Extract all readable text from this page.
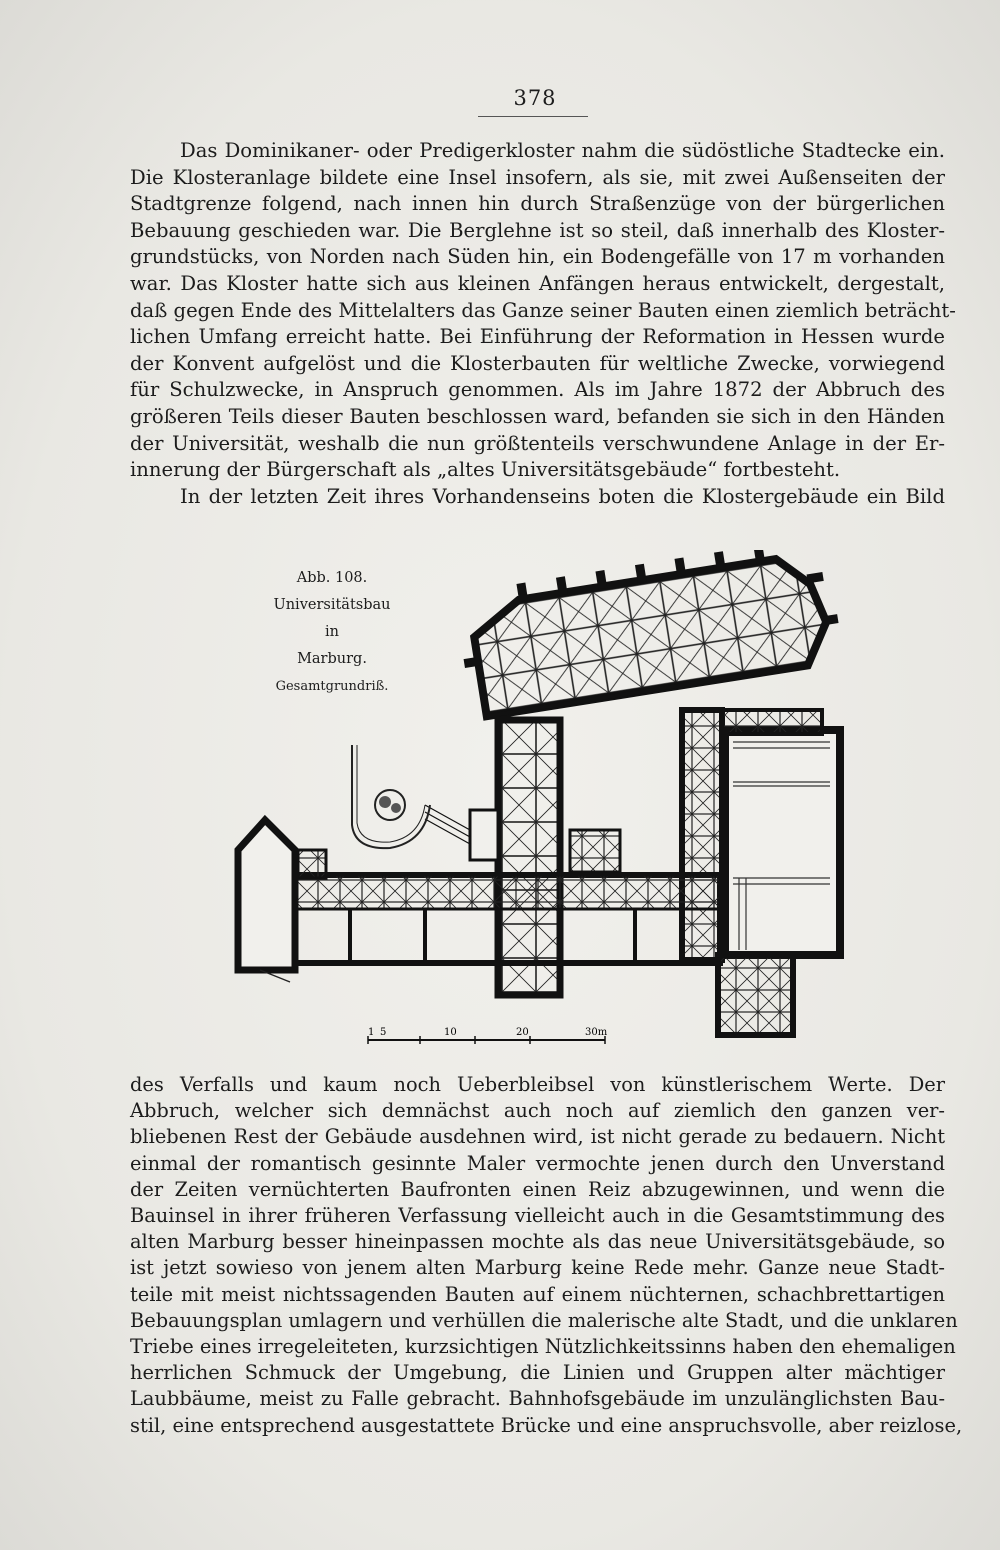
378
Das Dominikaner- oder Predigerkloster nahm die südöstliche Stadtecke ein.
Die Klosteranlage bildete eine Insel insofern, als sie, mit zwei Außenseiten der
Stadtgrenze folgend, nach innen hin durch Straßenzüge von der bürgerlichen
Bebauung geschieden war. Die Berglehne ist so steil, daß innerhalb des Kloster-
grundstücks, von Norden nach Süden hin, ein Bodengefälle von 17 m vorhanden
war. Das Kloster hatte sich aus kleinen Anfängen heraus entwickelt, dergestalt,
daß gegen Ende des Mittelalters das Ganze seiner Bauten einen ziemlich beträcht-
lichen Umfang erreicht hatte. Bei Einführung der Reformation in Hessen wurde
der Konvent aufgelöst und die Klosterbauten für weltliche Zwecke, vorwiegend
für Schulzwecke, in Anspruch genommen. Als im Jahre 1872 der Abbruch des
größeren Teils dieser Bauten beschlossen ward, befanden sie sich in den Händen
der Universität, weshalb die nun größtenteils verschwundene Anlage in der Er-
innerung der Bürgerschaft als „altes Universitätsgebäude“ fortbesteht.
In der letzten Zeit ihres Vorhandenseins boten die Klostergebäude ein Bild
Abb. 108.
Universitätsbau
in
Marburg.
Gesamtgrundriß.
1 5	10	20	30m
des Verfalls und kaum noch Ueberbleibsel von künstlerischem Werte. Der
Abbruch, welcher sich demnächst auch noch auf ziemlich den ganzen ver-
bliebenen Rest der Gebäude ausdehnen wird, ist nicht gerade zu bedauern. Nicht
einmal der romantisch gesinnte Maler vermochte jenen durch den Unverstand
der Zeiten vernüchterten Baufronten einen Reiz abzugewinnen, und wenn die
Bauinsel in ihrer früheren Verfassung vielleicht auch in die Gesamtstimmung des
alten Marburg besser hineinpassen mochte als das neue Universitätsgebäude, so
ist jetzt sowieso von jenem alten Marburg keine Rede mehr. Ganze neue Stadt-
teile mit meist nichtssagenden Bauten auf einem nüchternen, schachbrettartigen
Bebauungsplan umlagern und verhüllen die malerische alte Stadt, und die unklaren
Triebe eines irregeleiteten, kurzsichtigen Nützlichkeitssinns haben den ehemaligen
herrlichen Schmuck der Umgebung, die Linien und Gruppen alter mächtiger
Laubbäume, meist zu Falle gebracht. Bahnhofsgebäude im unzulänglichsten Bau-
stil, eine entsprechend ausgestattete Brücke und eine anspruchsvolle, aber reizlose,
